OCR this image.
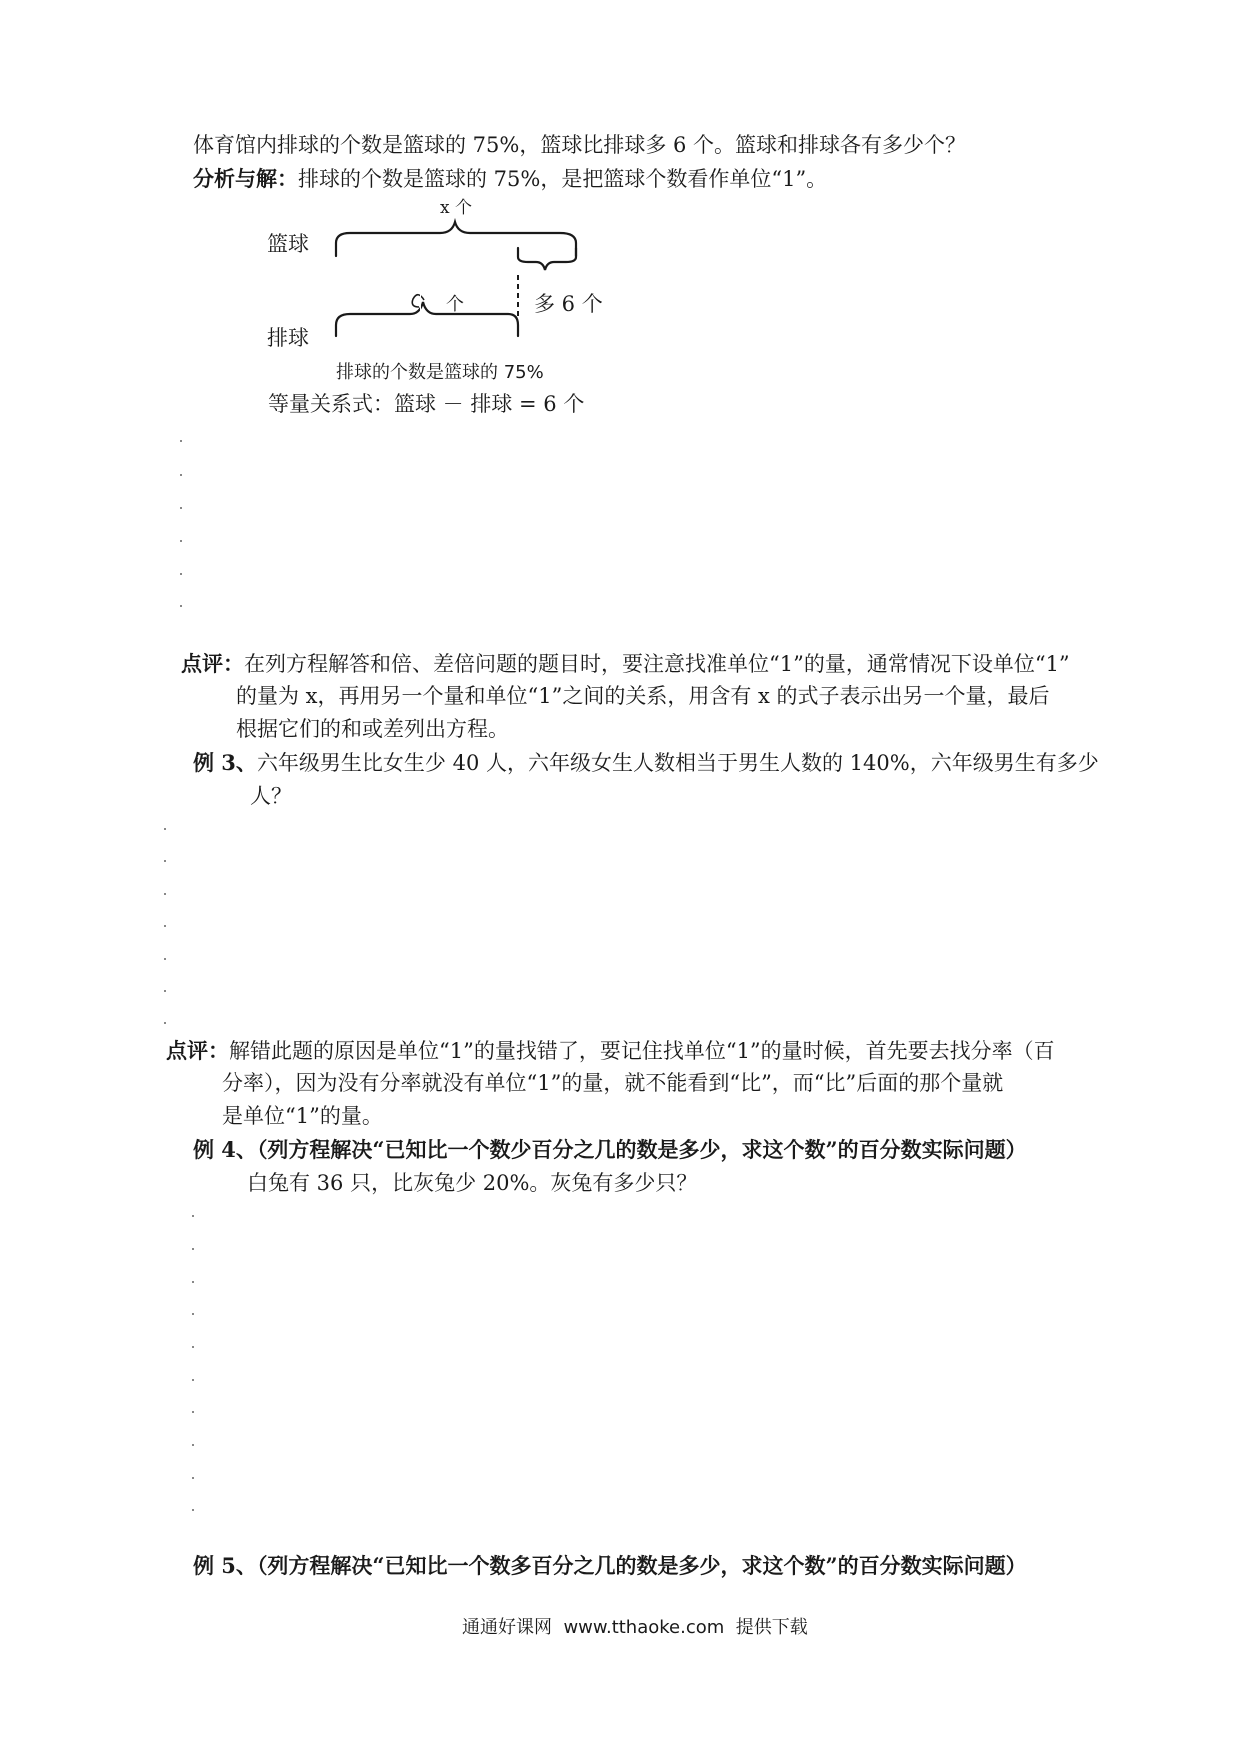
体育馆内排球的个数是篮球的 75%，篮球比排球多 6 个。篮球和排球各有多少个？
分析与解：排球的个数是篮球的 75%，是把篮球个数看作单位“1”。
x 个
篮球
个	多 6 个
排球
排球的个数是篮球的 75%
等量关系式：篮球 － 排球 = 6 个
点评：在列方程解答和倍、差倍问题的题目时，要注意找准单位“1”的量，通常情况下设单位“1”
的量为 x，再用另一个量和单位“1”之间的关系，用含有 x 的式子表示出另一个量，最后
根据它们的和或差列出方程。
例 3、六年级男生比女生少 40 人，六年级女生人数相当于男生人数的 140%，六年级男生有多少
人？
点评：解错此题的原因是单位“1”的量找错了，要记住找单位“1”的量时候，首先要去找分率（百
分率），因为没有分率就没有单位“1”的量，就不能看到“比”，而“比”后面的那个量就
是单位“1”的量。
例 4、（列方程解决“已知比一个数少百分之几的数是多少，求这个数”的百分数实际问题）
白兔有 36 只，比灰兔少 20%。灰兔有多少只？
例 5、（列方程解决“已知比一个数多百分之几的数是多少，求这个数”的百分数实际问题）
通通好课网 www.tthaoke.com 提供下载
